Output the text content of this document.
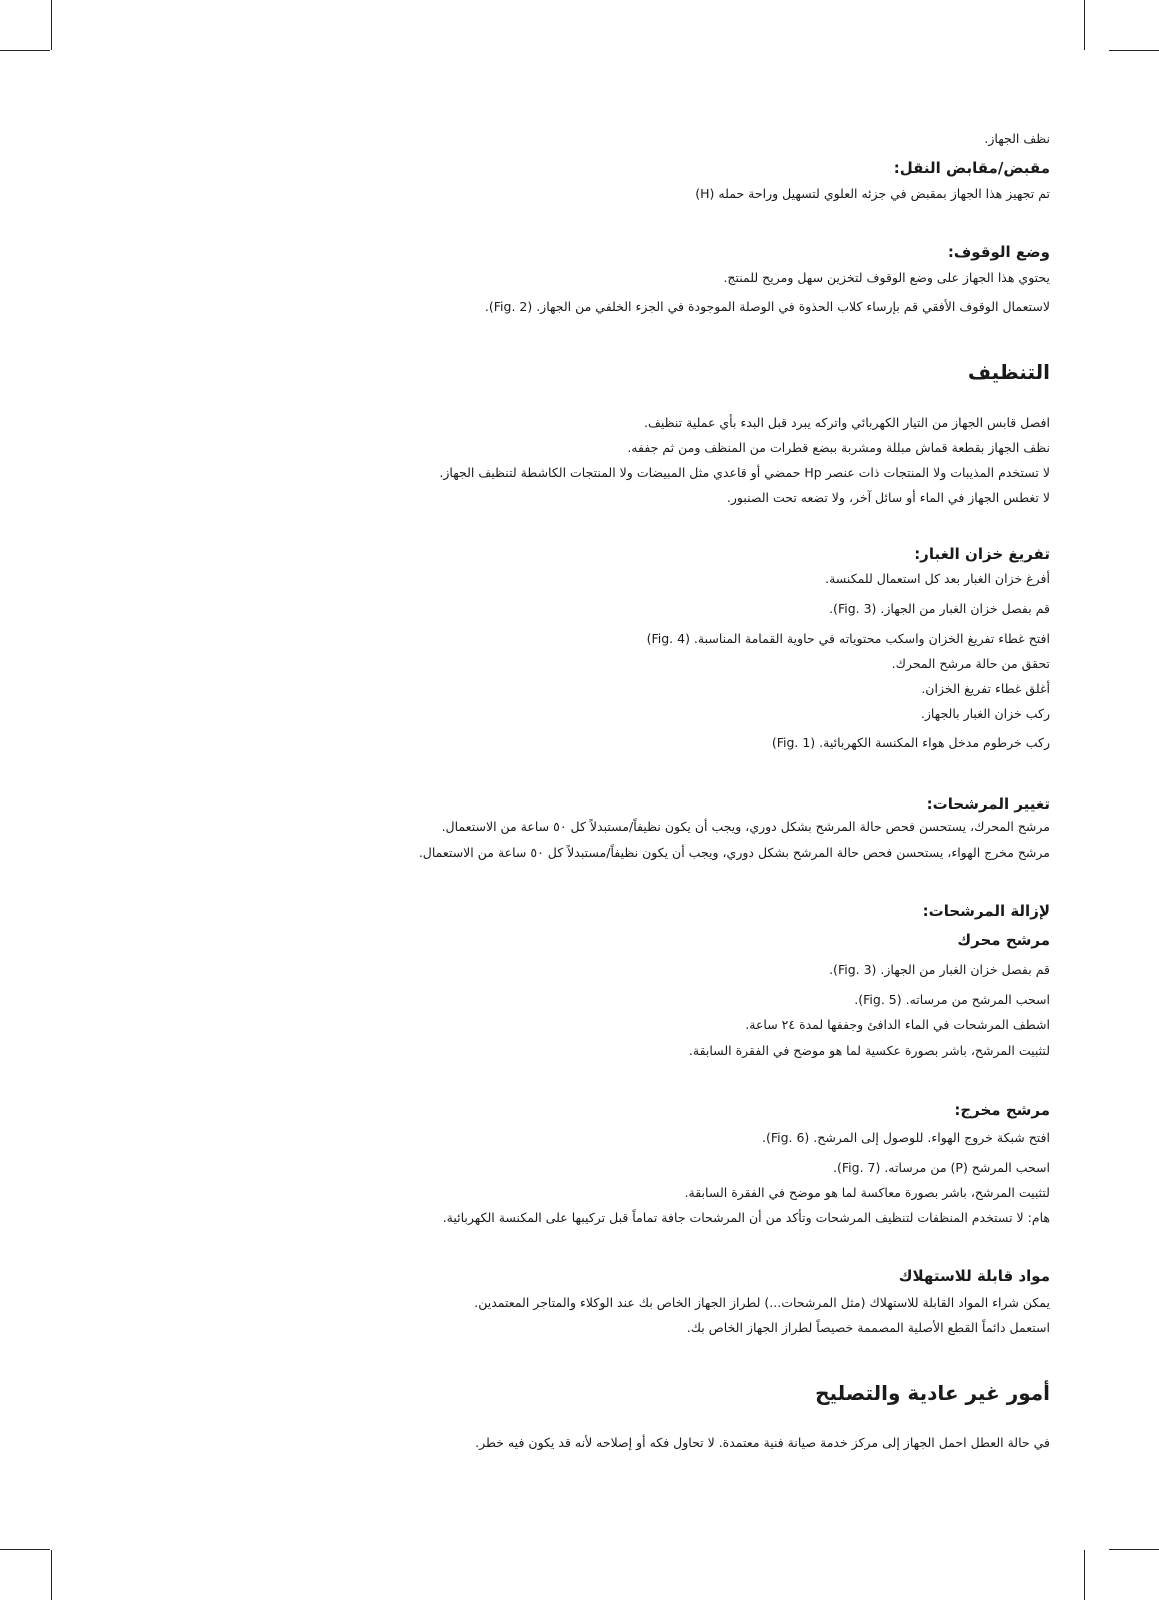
نظف الجهاز.
مقبض/مقابض النقل:
تم تجهيز هذا الجهاز بمقبض في جزئه العلوي لتسهيل وراحة حمله (H)
وضع الوقوف:
يحتوي هذا الجهاز على وضع الوقوف لتخزين سهل ومريح للمنتج.
لاستعمال الوقوف الأفقي قم بإرساء كلاب الحذوة في الوصلة الموجودة في الجزء الخلفي من الجهاز. (Fig. 2).
التنظيف
افصل قابس الجهاز من التيار الكهربائي واتركه يبرد قبل البدء بأي عملية تنظيف.
نظف الجهاز بقطعة قماش مبللة ومشربة ببضع قطرات من المنظف ومن ثم جففه.
لا تستخدم المذيبات ولا المنتجات ذات عنصر Hp حمضي أو قاعدي مثل المبيضات ولا المنتجات الكاشطة لتنظيف الجهاز.
لا تغطس الجهاز في الماء أو سائل آخر، ولا تضعه تحت الصنبور.
تفريغ خزان الغبار:
أفرغ خزان الغبار بعد كل استعمال للمكنسة.
قم بفصل خزان الغبار من الجهاز. (Fig. 3).
افتح غطاء تفريغ الخزان واسكب محتوياته في حاوية القمامة المناسبة. (Fig. 4)
تحقق من حالة مرشح المحرك.
أغلق غطاء تفريغ الخزان.
ركب خزان الغبار بالجهاز.
ركب خرطوم مدخل هواء المكنسة الكهربائية. (Fig. 1)
تغيير المرشحات:
مرشح المحرك، يستحسن فحص حالة المرشح بشكل دوري، ويجب أن يكون نظيفاً/مستبدلاً كل ٥٠ ساعة من الاستعمال.
مرشح مخرج الهواء، يستحسن فحص حالة المرشح بشكل دوري، ويجب أن يكون نظيفاً/مستبدلاً كل ٥٠ ساعة من الاستعمال.
لإزالة المرشحات:
مرشح محرك
قم بفصل خزان الغبار من الجهاز. (Fig. 3).
اسحب المرشح من مرساته. (Fig. 5).
اشطف المرشحات في الماء الدافئ وجففها لمدة ٢٤ ساعة.
لتثبيت المرشح، باشر بصورة عكسية لما هو موضح في الفقرة السابقة.
مرشح مخرج:
افتح شبكة خروج الهواء. للوصول إلى المرشح. (Fig. 6).
اسحب المرشح (P) من مرساته. (Fig. 7).
لتثبيت المرشح، باشر بصورة معاكسة لما هو موضح في الفقرة السابقة.
هام: لا تستخدم المنظفات لتنظيف المرشحات وتأكد من أن المرشحات جافة تماماً قبل تركيبها على المكنسة الكهربائية.
مواد قابلة للاستهلاك
يمكن شراء المواد القابلة للاستهلاك (مثل المرشحات...) لطراز الجهاز الخاص بك عند الوكلاء والمتاجر المعتمدين.
استعمل دائماً القطع الأصلية المصممة خصيصاً لطراز الجهاز الخاص بك.
أمور غير عادية والتصليح
في حالة العطل احمل الجهاز إلى مركز خدمة صيانة فنية معتمدة. لا تحاول فكه أو إصلاحه لأنه قد يكون فيه خطر.
